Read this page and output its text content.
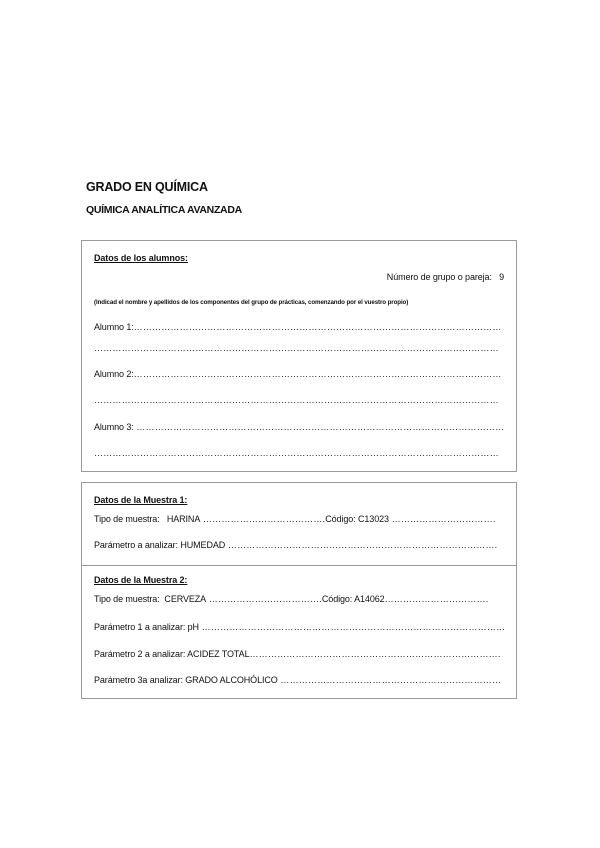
GRADO EN QUÍMICA
QUÍMICA ANALÍTICA AVANZADA
Datos de los alumnos:
Número de grupo o pareja: 9
(Indicad el nombre y apellidos de los componentes del grupo de prácticas, comenzando por el vuestro propio)
Alumno 1:…………………………………………………………………………………………………………
……………………………………………………………………………………………………………………
Alumno 2:…………………………………………………………………………………………………………
……………………………………………………………………………………………………………………
Alumno 3: …………………………………………………………………………………………………………
……………………………………………………………………………………………………………………
Datos de la Muestra 1:
Tipo de muestra: HARINA ………………………………….Código: C13023 …………………………….
Parámetro a analizar: HUMEDAD …………………………………………………………………………….
Datos de la Muestra 2:
Tipo de muestra: CERVEZA ……………………………….Código: A14062…………………………….
Parámetro 1 a analizar: pH ………………………………………………………………………………………
Parámetro 2 a analizar: ACIDEZ TOTAL……………………………………………………………………….
Parámetro 3a analizar: GRADO ALCOHÓLICO ………………………………………………………………
